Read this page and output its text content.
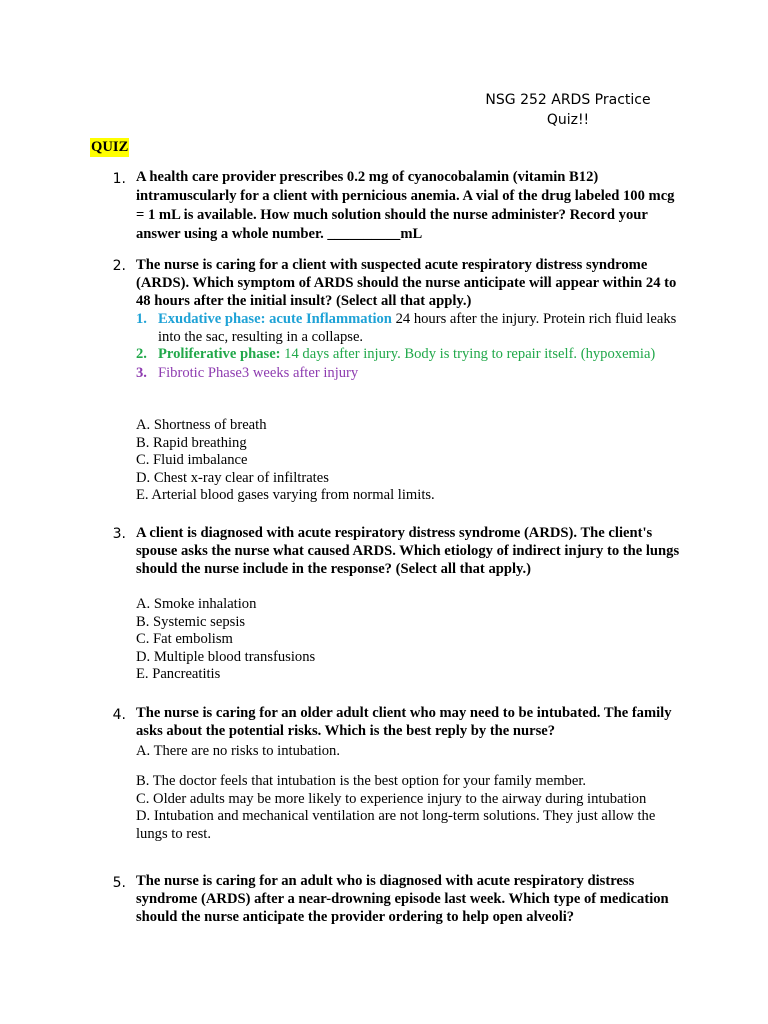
NSG 252 ARDS Practice
Quiz!!
QUIZ
1. A health care provider prescribes 0.2 mg of cyanocobalamin (vitamin B12) intramuscularly for a client with pernicious anemia. A vial of the drug labeled 100 mcg = 1 mL is available. How much solution should the nurse administer? Record your answer using a whole number. __________mL
2. The nurse is caring for a client with suspected acute respiratory distress syndrome (ARDS). Which symptom of ARDS should the nurse anticipate will appear within 24 to 48 hours after the initial insult? (Select all that apply.)
1. Exudative phase: acute Inflammation 24 hours after the injury. Protein rich fluid leaks into the sac, resulting in a collapse.
2. Proliferative phase: 14 days after injury. Body is trying to repair itself. (hypoxemia)
3. Fibrotic Phase3 weeks after injury
A. Shortness of breath
B. Rapid breathing
C. Fluid imbalance
D. Chest x-ray clear of infiltrates
E. Arterial blood gases varying from normal limits.
3. A client is diagnosed with acute respiratory distress syndrome (ARDS). The client's spouse asks the nurse what caused ARDS. Which etiology of indirect injury to the lungs should the nurse include in the response? (Select all that apply.)
A. Smoke inhalation
B. Systemic sepsis
C. Fat embolism
D. Multiple blood transfusions
E. Pancreatitis
4. The nurse is caring for an older adult client who may need to be intubated. The family asks about the potential risks. Which is the best reply by the nurse?
A. There are no risks to intubation.
B. The doctor feels that intubation is the best option for your family member.
C. Older adults may be more likely to experience injury to the airway during intubation
D. Intubation and mechanical ventilation are not long-term solutions. They just allow the lungs to rest.
5. The nurse is caring for an adult who is diagnosed with acute respiratory distress syndrome (ARDS) after a near-drowning episode last week. Which type of medication should the nurse anticipate the provider ordering to help open alveoli?
